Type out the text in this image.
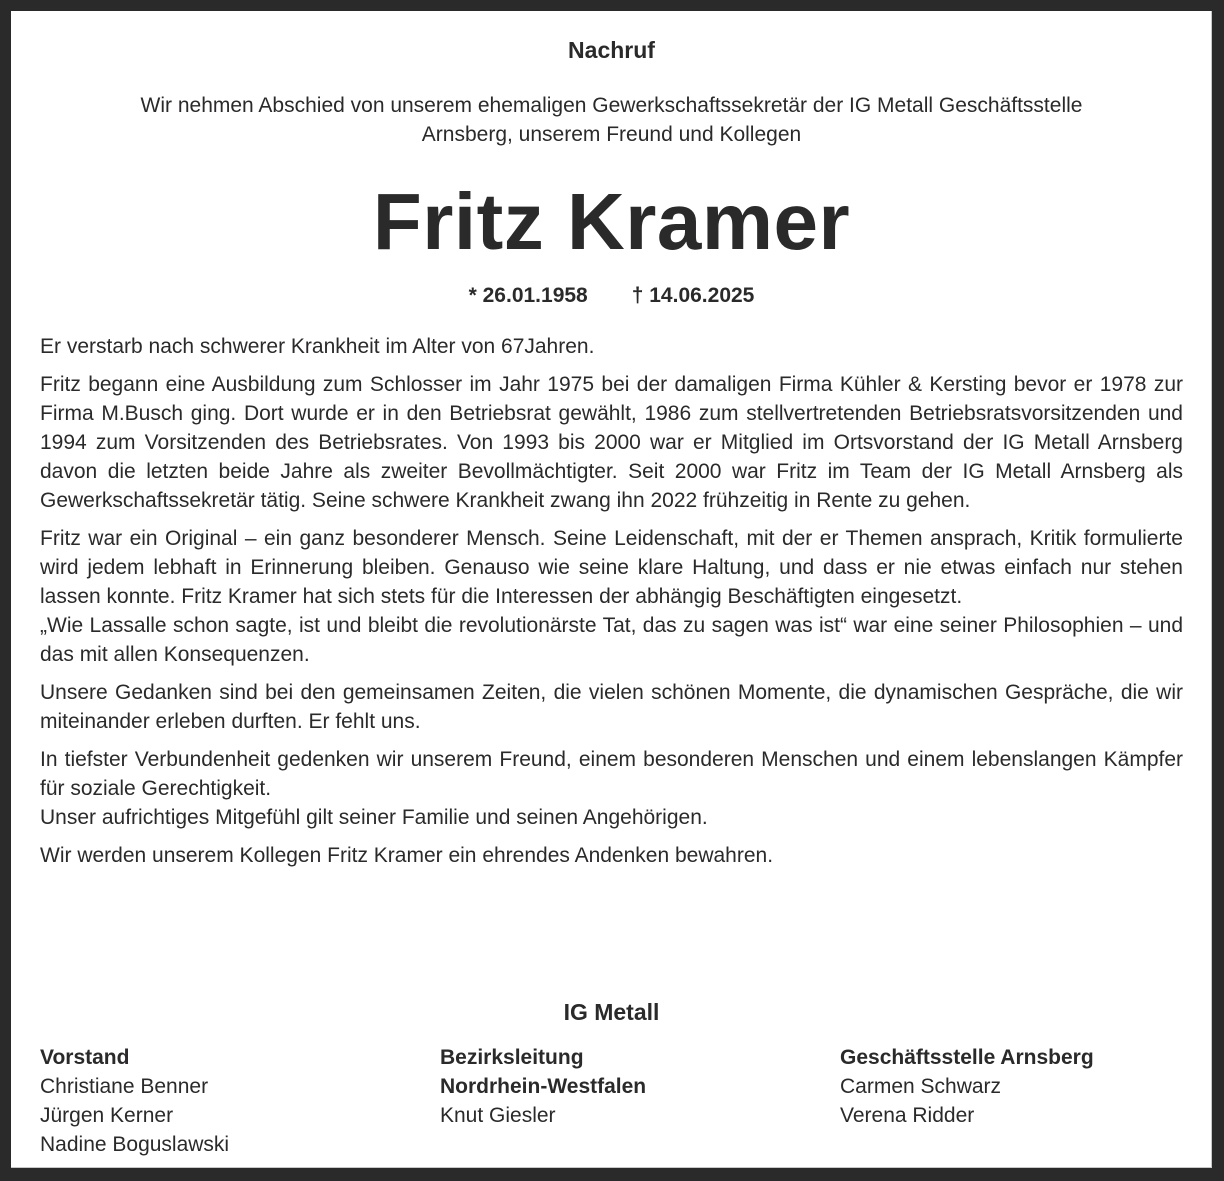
Nachruf
Wir nehmen Abschied von unserem ehemaligen Gewerkschaftssekretär der IG Metall Geschäftsstelle
Arnsberg, unserem Freund und Kollegen
Fritz Kramer
* 26.01.1958 † 14.06.2025

Er verstarb nach schwerer Krankheit im Alter von 67Jahren.

Fritz begann eine Ausbildung zum Schlosser im Jahr 1975 bei der damaligen Firma Kühler & Kersting bevor er 1978 zur Firma M.Busch ging. Dort wurde er in den Betriebsrat gewählt, 1986 zum stellvertretenden Betriebsratsvorsitzenden und 1994 zum Vorsitzenden des Betriebsrates. Von 1993 bis 2000 war er Mitglied im Ortsvorstand der IG Metall Arnsberg davon die letzten beide Jahre als zweiter Bevollmächtigter. Seit 2000 war Fritz im Team der IG Metall Arnsberg als Gewerkschaftssekretär tätig. Seine schwere Krankheit zwang ihn 2022 frühzeitig in Rente zu gehen.

Fritz war ein Original – ein ganz besonderer Mensch. Seine Leidenschaft, mit der er Themen ansprach, Kritik formulierte wird jedem lebhaft in Erinnerung bleiben. Genauso wie seine klare Haltung, und dass er nie etwas einfach nur stehen lassen konnte. Fritz Kramer hat sich stets für die Interessen der abhängig Beschäftigten eingesetzt.
„Wie Lassalle schon sagte, ist und bleibt die revolutionärste Tat, das zu sagen was ist“ war eine seiner Philosophien – und das mit allen Konsequenzen.

Unsere Gedanken sind bei den gemeinsamen Zeiten, die vielen schönen Momente, die dynamischen Gespräche, die wir miteinander erleben durften. Er fehlt uns.

In tiefster Verbundenheit gedenken wir unserem Freund, einem besonderen Menschen und einem lebenslangen Kämpfer für soziale Gerechtigkeit.
Unser aufrichtiges Mitgefühl gilt seiner Familie und seinen Angehörigen.

Wir werden unserem Kollegen Fritz Kramer ein ehrendes Andenken bewahren.

IG Metall
Vorstand
Christiane Benner
Jürgen Kerner
Nadine Boguslawski
Bezirksleitung
Nordrhein-Westfalen
Knut Giesler
Geschäftsstelle Arnsberg
Carmen Schwarz
Verena Ridder
